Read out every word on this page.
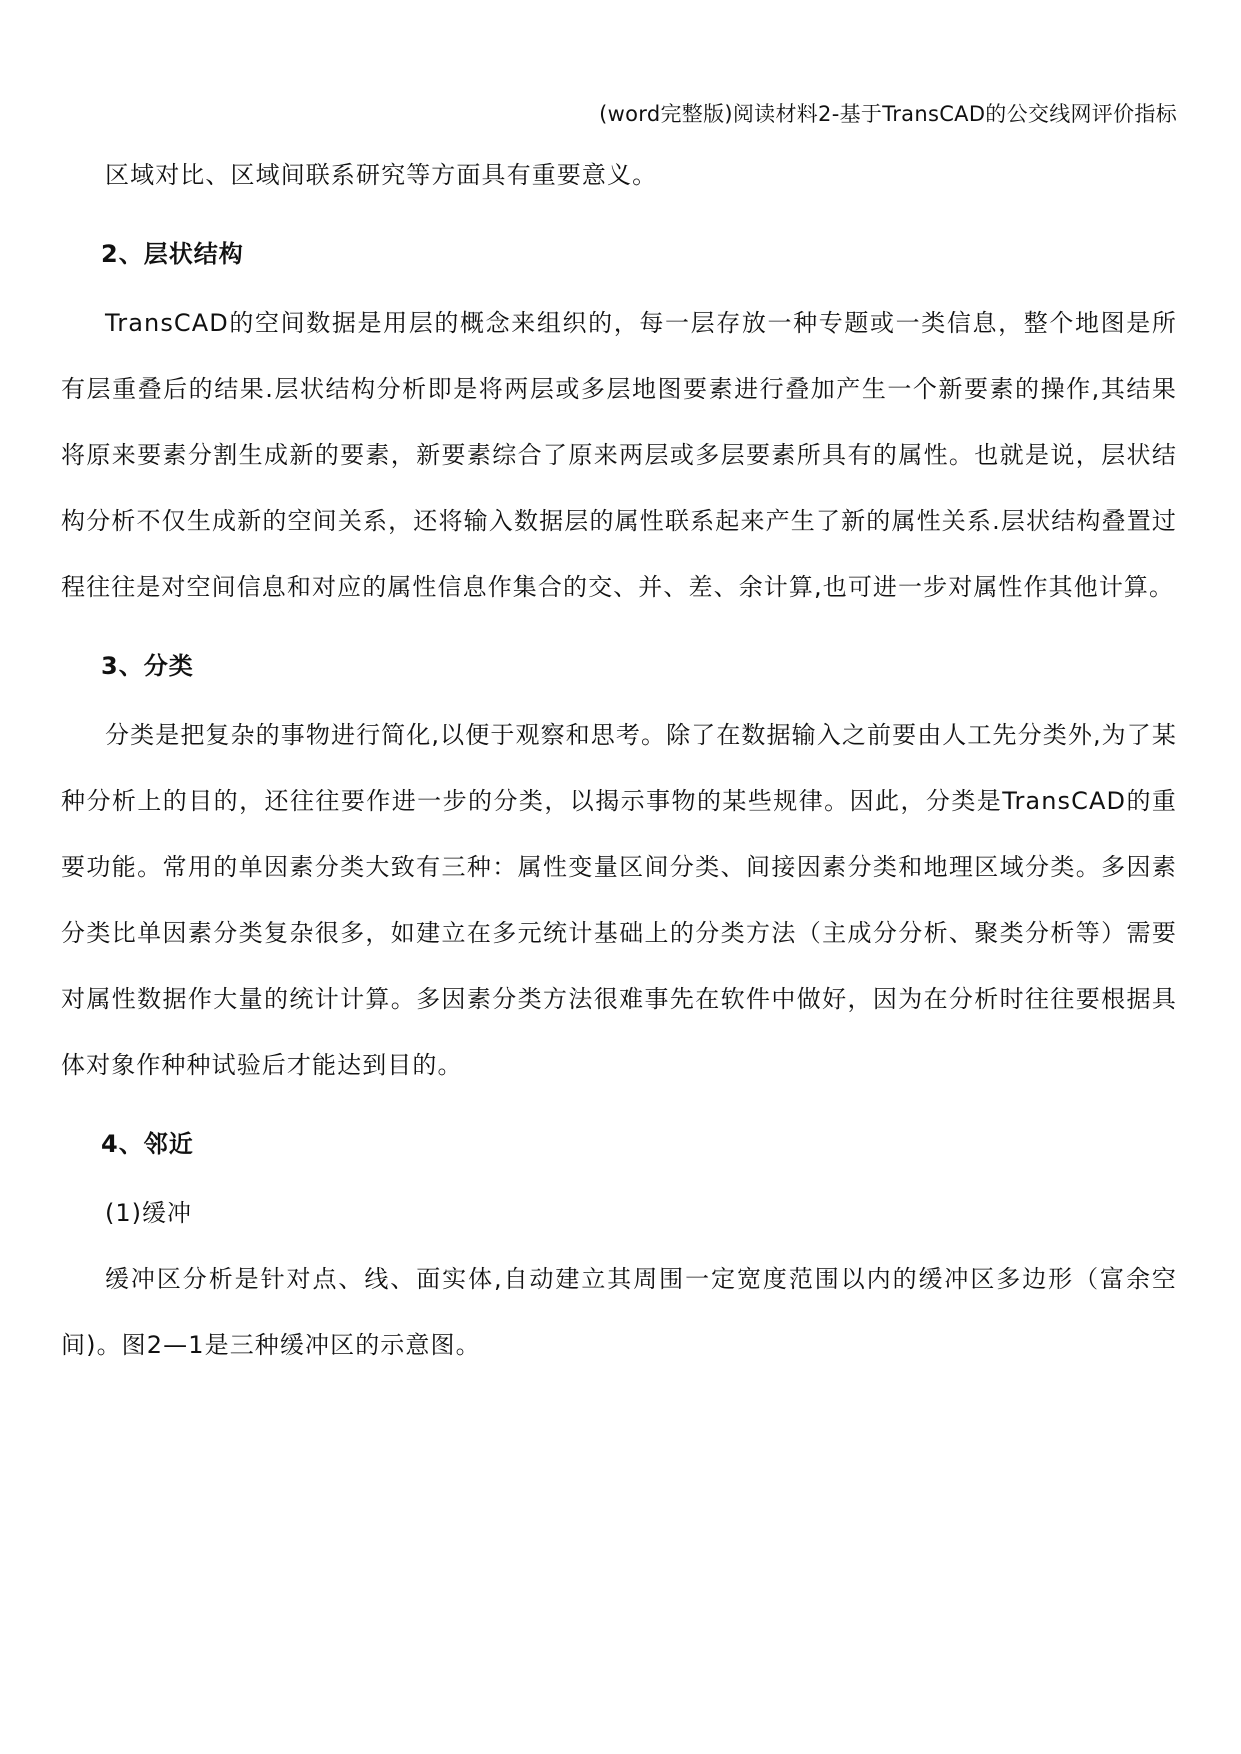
(word完整版)阅读材料2-基于TransCAD的公交线网评价指标

区域对比、区域间联系研究等方面具有重要意义。

2、层状结构

TransCAD的空间数据是用层的概念来组织的，每一层存放一种专题或一类信息，整个地图是所有层重叠后的结果.层状结构分析即是将两层或多层地图要素进行叠加产生一个新要素的操作,其结果将原来要素分割生成新的要素，新要素综合了原来两层或多层要素所具有的属性。也就是说，层状结构分析不仅生成新的空间关系，还将输入数据层的属性联系起来产生了新的属性关系.层状结构叠置过程往往是对空间信息和对应的属性信息作集合的交、并、差、余计算,也可进一步对属性作其他计算。

3、分类

分类是把复杂的事物进行简化,以便于观察和思考。除了在数据输入之前要由人工先分类外,为了某种分析上的目的，还往往要作进一步的分类，以揭示事物的某些规律。因此，分类是TransCAD的重要功能。常用的单因素分类大致有三种：属性变量区间分类、间接因素分类和地理区域分类。多因素分类比单因素分类复杂很多，如建立在多元统计基础上的分类方法（主成分分析、聚类分析等）需要对属性数据作大量的统计计算。多因素分类方法很难事先在软件中做好，因为在分析时往往要根据具体对象作种种试验后才能达到目的。

4、邻近

(1)缓冲

缓冲区分析是针对点、线、面实体,自动建立其周围一定宽度范围以内的缓冲区多边形（富余空间)。图2—1是三种缓冲区的示意图。
